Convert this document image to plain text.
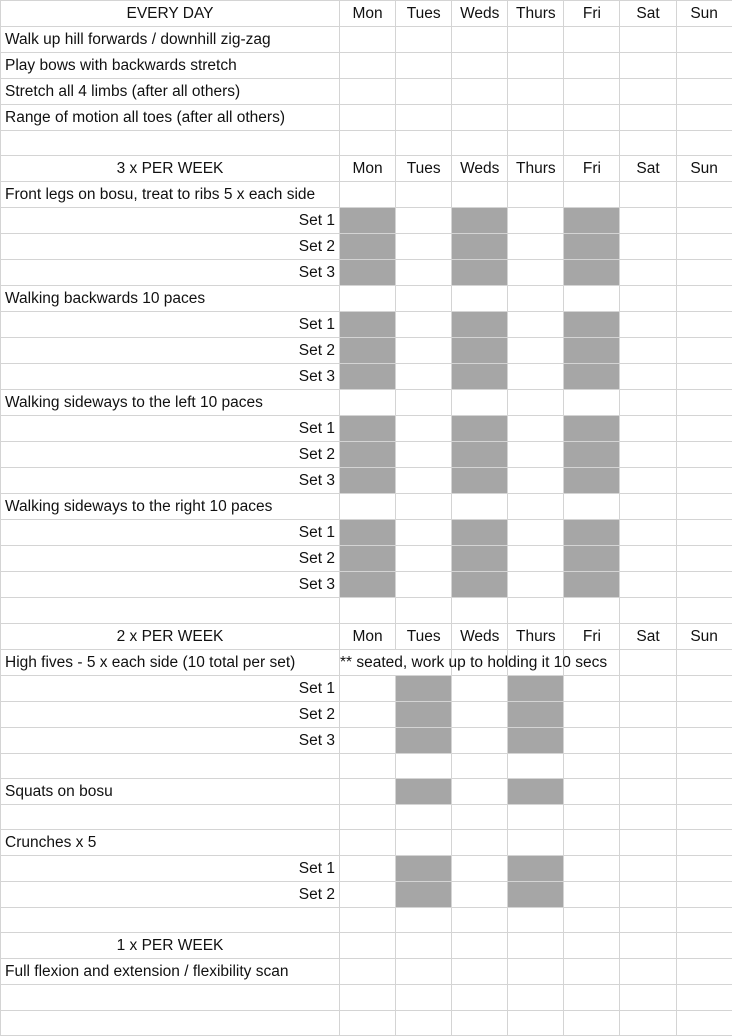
EVERY DAY	Mon	Tues	Weds	Thurs	Fri	Sat	Sun
Walk up hill forwards / downhill zig-zag							
Play bows with backwards stretch							
Stretch all 4 limbs (after all others)							
Range of motion all toes (after all others)							

3 x PER WEEK	Mon	Tues	Weds	Thurs	Fri	Sat	Sun
Front legs on bosu, treat to ribs 5 x each side							
Set 1							
Set 2							
Set 3							
Walking backwards 10 paces							
Set 1							
Set 2							
Set 3							
Walking sideways to the left 10 paces							
Set 1							
Set 2							
Set 3							
Walking sideways to the right 10 paces							
Set 1							
Set 2							
Set 3							

2 x PER WEEK	Mon	Tues	Weds	Thurs	Fri	Sat	Sun
High fives - 5 x each side (10 total per set)	** seated, work up to holding it 10 secs						
Set 1							
Set 2							
Set 3							

Squats on bosu							

Crunches x 5							
Set 1							
Set 2							

1 x PER WEEK							
Full flexion and extension / flexibility scan							
